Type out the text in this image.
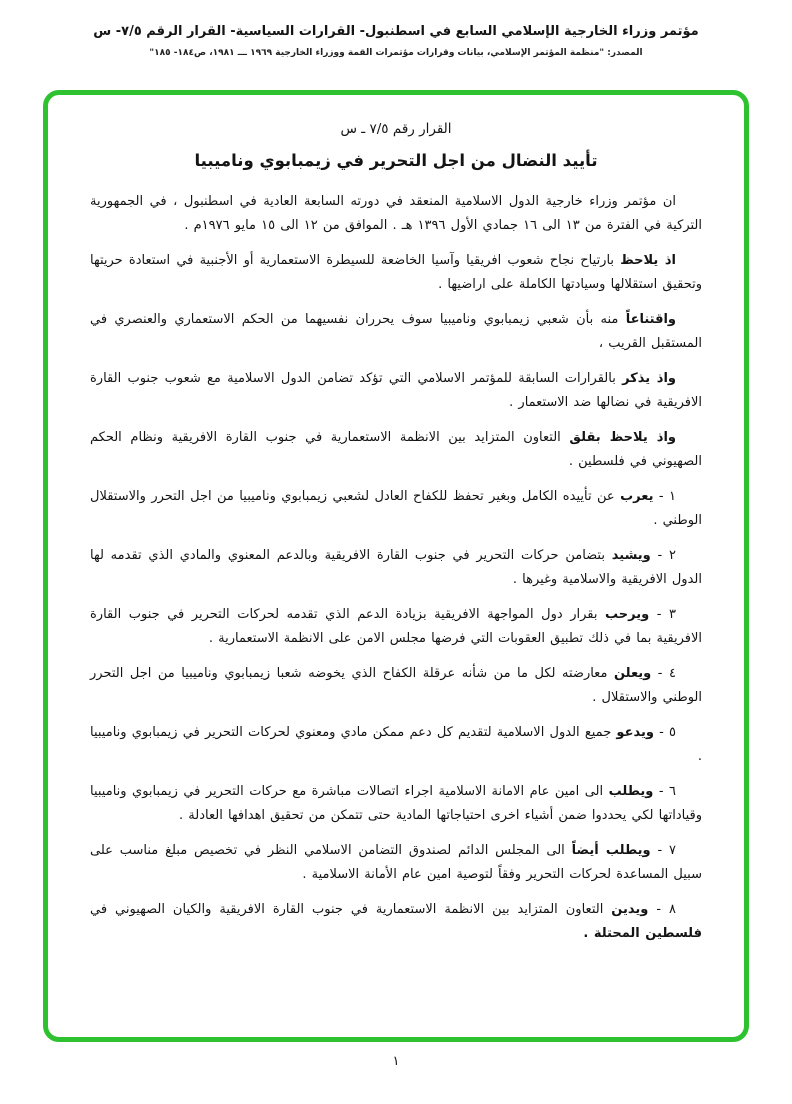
مؤتمر وزراء الخارجية الإسلامي السابع في اسطنبول- القرارات السياسية- القرار الرقم ٧/٥- س
المصدر: "منظمة المؤتمر الإسلامي، بيانات وقرارات مؤتمرات القمة ووزراء الخارجية ١٩٦٩ ـــ ١٩٨١، ص١٨٤- ١٨٥"
القرار رقم ٧/٥ ـ س
تأييد النضال من اجل التحرير في زيمبابوي وناميبيا

ان مؤتمر وزراء خارجية الدول الاسلامية المنعقد في دورته السابعة العادية في اسطنبول ، في الجمهورية التركية في الفترة من ١٣ الى ١٦ جمادي الأول ١٣٩٦ هـ . الموافق من ١٢ الى ١٥ مايو ١٩٧٦م .

اذ يلاحظ بارتياح نجاح شعوب افريقيا وآسيا الخاضعة للسيطرة الاستعمارية أو الأجنبية في استعادة حريتها وتحقيق استقلالها وسيادتها الكاملة على اراضيها .

واقتناعاً منه بأن شعبي زيمبابوي وناميبيا سوف يحرران نفسيهما من الحكم الاستعماري والعنصري في المستقبل القريب ،

واذ يذكر بالقرارات السابقة للمؤتمر الاسلامي التي تؤكد تضامن الدول الاسلامية مع شعوب جنوب القارة الافريقية في نضالها ضد الاستعمار .

واذ يلاحظ بقلق التعاون المتزايد بين الانظمة الاستعمارية في جنوب القارة الافريقية ونظام الحكم الصهيوني في فلسطين .

١ - يعرب عن تأييده الكامل وبغير تحفظ للكفاح العادل لشعبي زيمبابوي وناميبيا من اجل التحرر والاستقلال الوطني .

٢ - ويشيد بتضامن حركات التحرير في جنوب القارة الافريقية وبالدعم المعنوي والمادي الذي تقدمه لها الدول الافريقية والاسلامية وغيرها .

٣ - ويرحب بقرار دول المواجهة الافريقية بزيادة الدعم الذي تقدمه لحركات التحرير في جنوب القارة الافريقية بما في ذلك تطبيق العقوبات التي فرضها مجلس الامن على الانظمة الاستعمارية .

٤ - ويعلن معارضته لكل ما من شأنه عرقلة الكفاح الذي يخوضه شعبا زيمبابوي وناميبيا من اجل التحرر الوطني والاستقلال .

٥ - ويدعو جميع الدول الاسلامية لتقديم كل دعم ممكن مادي ومعنوي لحركات التحرير في زيمبابوي وناميبيا .

٦ - ويطلب الى امين عام الامانة الاسلامية اجراء اتصالات مباشرة مع حركات التحرير في زيمبابوي وناميبيا وقياداتها لكي يحددوا ضمن أشياء اخرى احتياجاتها المادية حتى تتمكن من تحقيق اهدافها العادلة .

٧ - ويطلب أيضاً الى المجلس الدائم لصندوق التضامن الاسلامي النظر في تخصيص مبلغ مناسب على سبيل المساعدة لحركات التحرير وفقاً لتوصية امين عام الأمانة الاسلامية .

٨ - ويدين التعاون المتزايد بين الانظمة الاستعمارية في جنوب القارة الافريقية والكيان الصهيوني في فلسطين المحتلة .

١
